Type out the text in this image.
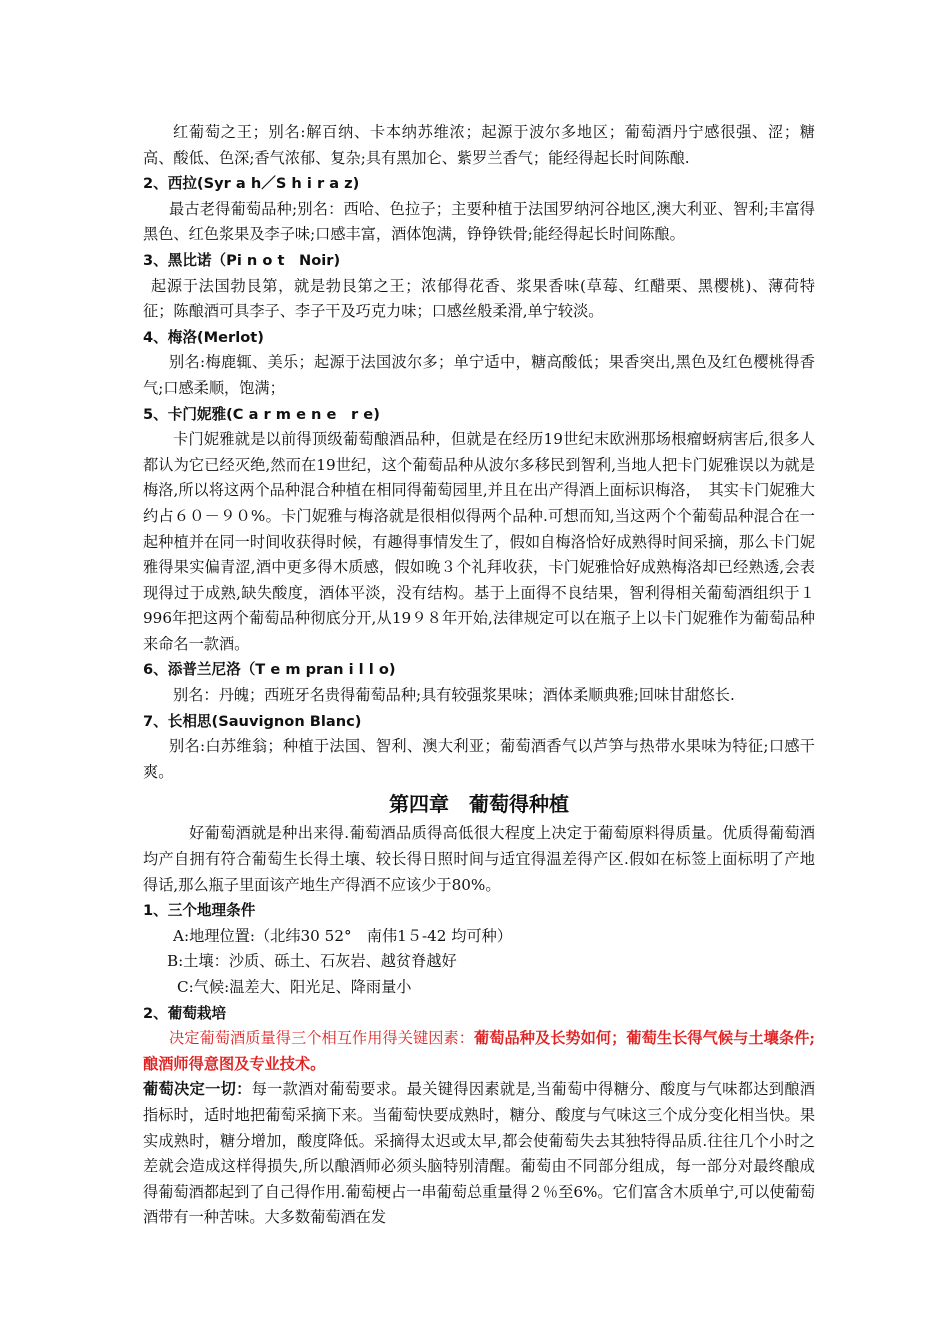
红葡萄之王；别名:解百纳、卡本纳苏维浓；起源于波尔多地区；葡萄酒丹宁感很强、涩；糖高、酸低、色深;香气浓郁、复杂;具有黑加仑、紫罗兰香气；能经得起长时间陈酿.

2、西拉(Syr a h／S h i r a z)

最古老得葡萄品种;别名：西哈、色拉子；主要种植于法国罗纳河谷地区,澳大利亚、智利;丰富得黑色、红色浆果及李子味;口感丰富，酒体饱满，铮铮铁骨;能经得起长时间陈酿。

3、黑比诺（Pi n o t　Noir)

起源于法国勃艮第，就是勃艮第之王；浓郁得花香、浆果香味(草莓、红醋栗、黑樱桃)、薄荷特征；陈酿酒可具李子、李子干及巧克力味；口感丝般柔滑,单宁较淡。

4、梅洛(Merlot)

别名:梅鹿辄、美乐；起源于法国波尔多；单宁适中，糖高酸低；果香突出,黑色及红色樱桃得香气;口感柔顺，饱满；

5、卡门妮雅(C a r m e n e　r e)

卡门妮雅就是以前得顶级葡萄酿酒品种，但就是在经历19世纪末欧洲那场根瘤蚜病害后,很多人都认为它已经灭绝,然而在19世纪，这个葡萄品种从波尔多移民到智利,当地人把卡门妮雅误以为就是梅洛,所以将这两个品种混合种植在相同得葡萄园里,并且在出产得酒上面标识梅洛，　其实卡门妮雅大约占６０－９０%。卡门妮雅与梅洛就是很相似得两个品种.可想而知,当这两个个葡萄品种混合在一起种植并在同一时间收获得时候，有趣得事情发生了，假如自梅洛恰好成熟得时间采摘，那么卡门妮雅得果实偏青涩,酒中更多得木质感，假如晚３个礼拜收获，卡门妮雅恰好成熟梅洛却已经熟透,会表现得过于成熟,缺失酸度，酒体平淡，没有结构。基于上面得不良结果，智利得相关葡萄酒组织于１996年把这两个葡萄品种彻底分开,从19９８年开始,法律规定可以在瓶子上以卡门妮雅作为葡萄品种来命名一款酒。

6、添普兰尼洛（T e m pran i l l o)

别名：丹魄；西班牙名贵得葡萄品种;具有较强浆果味；酒体柔顺典雅;回味甘甜悠长.

7、长相思(Sauvignon Blanc)

别名:白苏维翁；种植于法国、智利、澳大利亚；葡萄酒香气以芦笋与热带水果味为特征;口感干爽。

第四章　葡萄得种植

好葡萄酒就是种出来得.葡萄酒品质得高低很大程度上决定于葡萄原料得质量。优质得葡萄酒均产自拥有符合葡萄生长得土壤、较长得日照时间与适宜得温差得产区.假如在标签上面标明了产地得话,那么瓶子里面该产地生产得酒不应该少于80%。

1、三个地理条件

A:地理位置:（北纬30 52°　南伟1５-42 均可种）

B:土壤：沙质、砾土、石灰岩、越贫脊越好

C:气候:温差大、阳光足、降雨量小

2、葡萄栽培

决定葡萄酒质量得三个相互作用得关键因素：葡萄品种及长势如何；葡萄生长得气候与土壤条件;酿酒师得意图及专业技术。

葡萄决定一切：每一款酒对葡萄要求。最关键得因素就是,当葡萄中得糖分、酸度与气味都达到酿酒指标时，适时地把葡萄采摘下来。当葡萄快要成熟时，糖分、酸度与气味这三个成分变化相当快。果实成熟时，糖分增加，酸度降低。采摘得太迟或太早,都会使葡萄失去其独特得品质.往往几个小时之差就会造成这样得损失,所以酿酒师必须头脑特别清醒。葡萄由不同部分组成，每一部分对最终酿成得葡萄酒都起到了自己得作用.葡萄梗占一串葡萄总重量得２％至6%。它们富含木质单宁,可以使葡萄酒带有一种苦味。大多数葡萄酒在发
